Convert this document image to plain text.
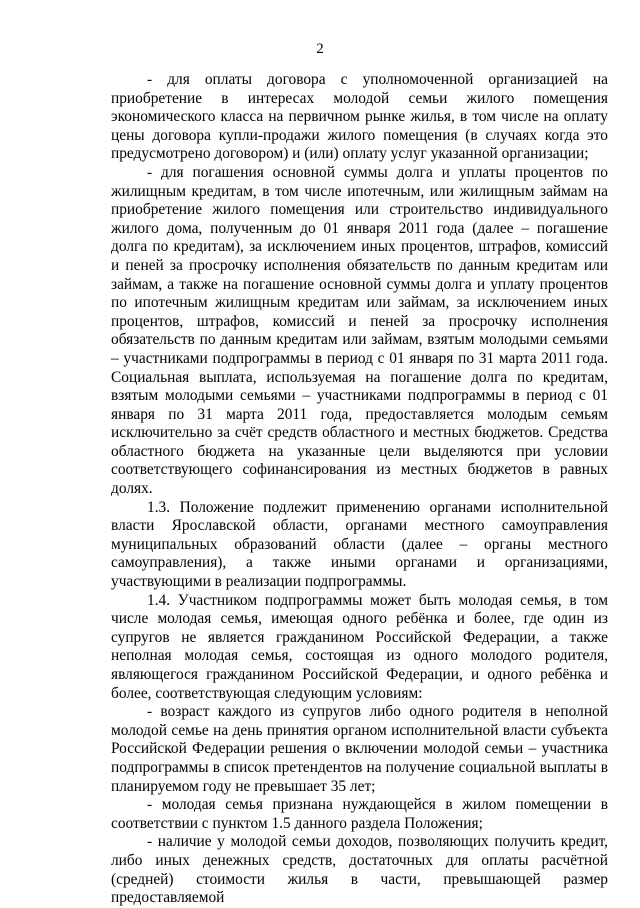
2

- для оплаты договора с уполномоченной организацией на приобретение в интересах молодой семьи жилого помещения экономического класса на первичном рынке жилья, в том числе на оплату цены договора купли-продажи жилого помещения (в случаях когда это предусмотрено договором) и (или) оплату услуг указанной организации;

- для погашения основной суммы долга и уплаты процентов по жилищным кредитам, в том числе ипотечным, или жилищным займам на приобретение жилого помещения или строительство индивидуального жилого дома, полученным до 01 января 2011 года (далее – погашение долга по кредитам), за исключением иных процентов, штрафов, комиссий и пеней за просрочку исполнения обязательств по данным кредитам или займам, а также на погашение основной суммы долга и уплату процентов по ипотечным жилищным кредитам или займам, за исключением иных процентов, штрафов, комиссий и пеней за просрочку исполнения обязательств по данным кредитам или займам, взятым молодыми семьями – участниками подпрограммы в период с 01 января по 31 марта 2011 года. Социальная выплата, используемая на погашение долга по кредитам, взятым молодыми семьями – участниками подпрограммы в период с 01 января по 31 марта 2011 года, предоставляется молодым семьям исключительно за счёт средств областного и местных бюджетов. Средства областного бюджета на указанные цели выделяются при условии соответствующего софинансирования из местных бюджетов в равных долях.

1.3. Положение подлежит применению органами исполнительной власти Ярославской области, органами местного самоуправления муниципальных образований области (далее – органы местного самоуправления), а также иными органами и организациями, участвующими в реализации подпрограммы.

1.4. Участником подпрограммы может быть молодая семья, в том числе молодая семья, имеющая одного ребёнка и более, где один из супругов не является гражданином Российской Федерации, а также неполная молодая семья, состоящая из одного молодого родителя, являющегося гражданином Российской Федерации, и одного ребёнка и более, соответствующая следующим условиям:

- возраст каждого из супругов либо одного родителя в неполной молодой семье на день принятия органом исполнительной власти субъекта Российской Федерации решения о включении молодой семьи – участника подпрограммы в список претендентов на получение социальной выплаты в планируемом году не превышает 35 лет;

- молодая семья признана нуждающейся в жилом помещении в соответствии с пунктом 1.5 данного раздела Положения;

- наличие у молодой семьи доходов, позволяющих получить кредит, либо иных денежных средств, достаточных для оплаты расчётной (средней) стоимости жилья в части, превышающей размер предоставляемой
